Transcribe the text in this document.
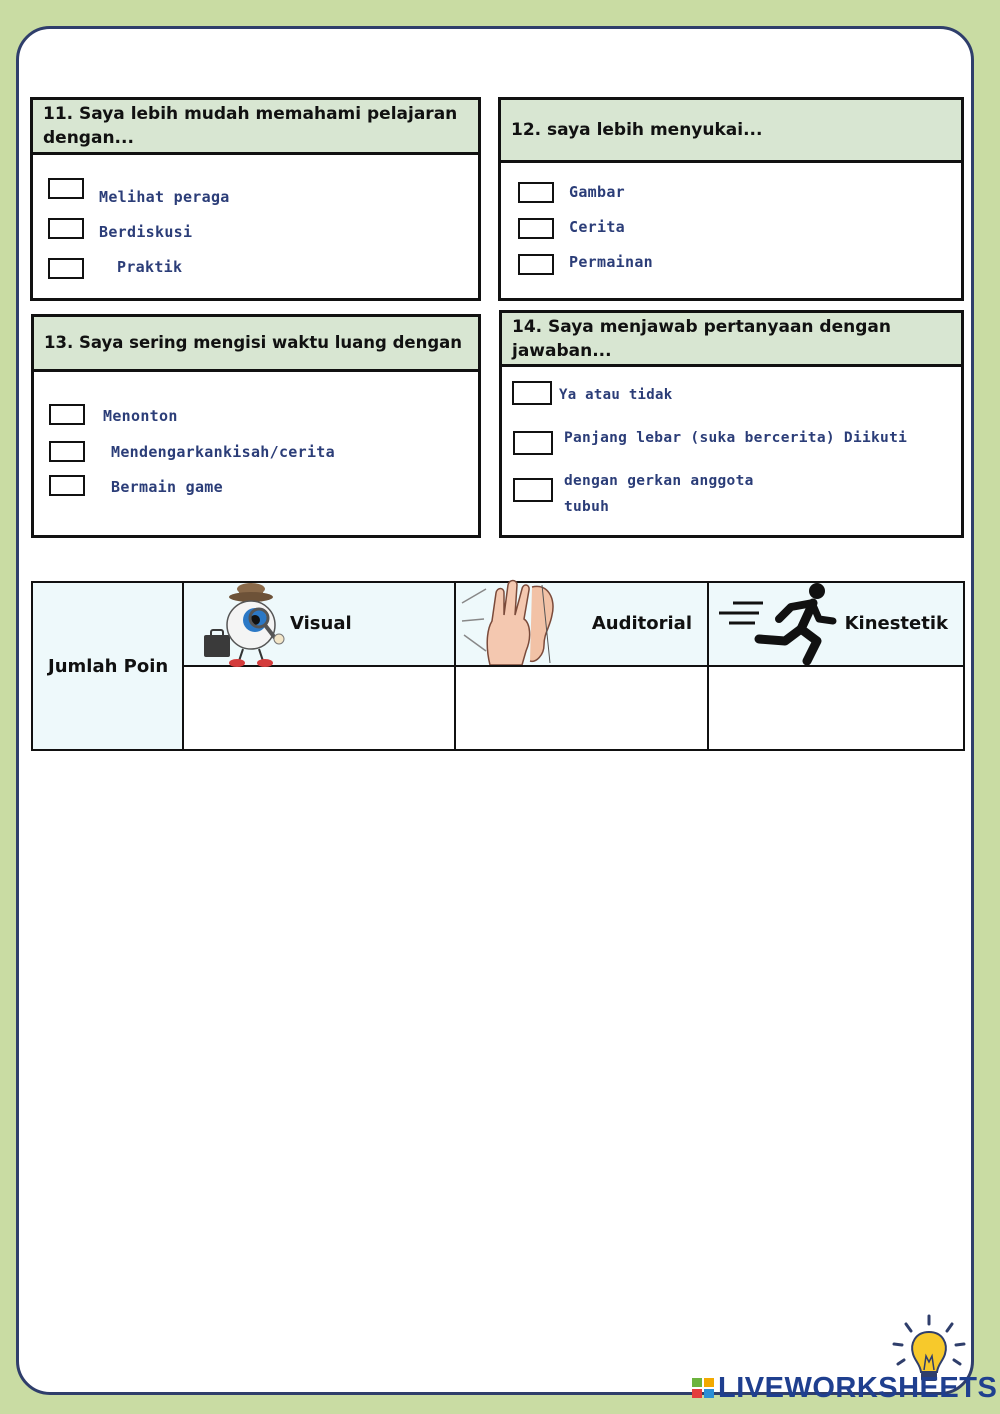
11. Saya lebih mudah memahami pelajaran dengan...
Melihat peraga
Berdiskusi
Praktik
12. saya lebih menyukai...
Gambar
Cerita
Permainan
13. Saya sering mengisi waktu luang dengan
Menonton
Mendengarkankisah/cerita
Bermain game
14. Saya menjawab pertanyaan dengan jawaban...
Ya atau tidak
Panjang lebar (suka bercerita) Diikuti
dengan gerkan anggota
tubuh
Jumlah Poin	Visual	Auditorial	Kinestetik

LIVEWORKSHEETS
